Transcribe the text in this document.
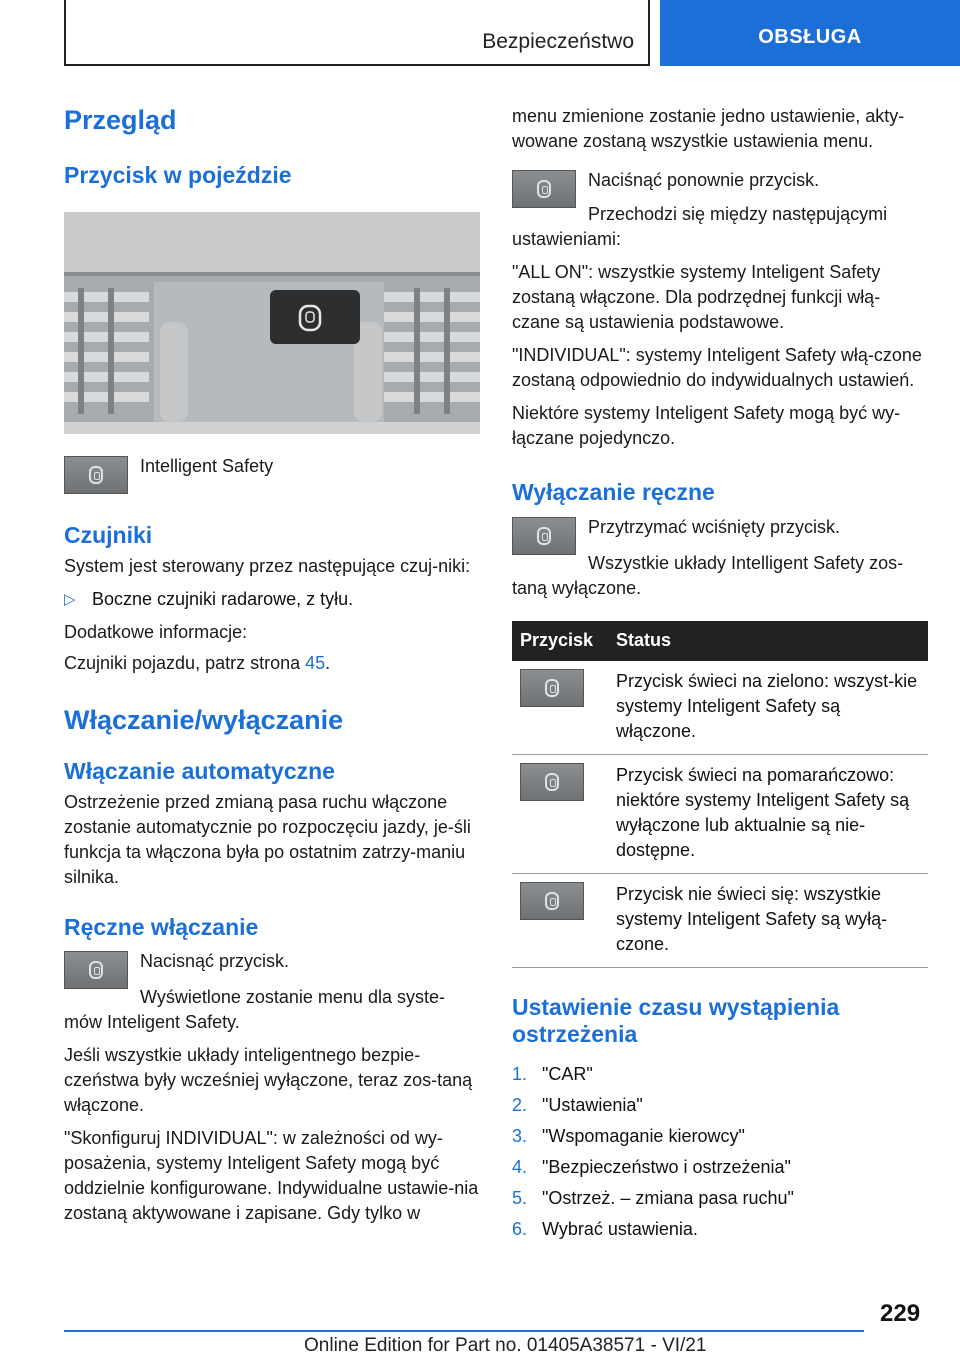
Bezpieczeństwo	OBSŁUGA
Przegląd
Przycisk w pojeździe

Intelligent Safety

Czujniki

System jest sterowany przez następujące czuj-niki:

▷ Boczne czujniki radarowe, z tyłu.

Dodatkowe informacje:

Czujniki pojazdu, patrz strona 45.

Włączanie/wyłączanie
Włączanie automatyczne

Ostrzeżenie przed zmianą pasa ruchu włączone zostanie automatycznie po rozpoczęciu jazdy, je-śli funkcja ta włączona była po ostatnim zatrzy-maniu silnika.

Ręczne włączanie

Nacisnąć przycisk.

Wyświetlone zostanie menu dla syste-mów Inteligent Safety.

Jeśli wszystkie układy inteligentnego bezpie-czeństwa były wcześniej wyłączone, teraz zos-taną włączone.

"Skonfiguruj INDIVIDUAL": w zależności od wy-posażenia, systemy Inteligent Safety mogą być oddzielnie konfigurowane. Indywidualne ustawie-nia zostaną aktywowane i zapisane. Gdy tylko w

menu zmienione zostanie jedno ustawienie, akty-wowane zostaną wszystkie ustawienia menu.

Naciśnąć ponownie przycisk.

Przechodzi się między następującymi ustawieniami:

"ALL ON": wszystkie systemy Inteligent Safety zostaną włączone. Dla podrzędnej funkcji włą-czane są ustawienia podstawowe.

"INDIVIDUAL": systemy Inteligent Safety włą-czone zostaną odpowiednio do indywidualnych ustawień.

Niektóre systemy Inteligent Safety mogą być wy-łączane pojedynczo.

Wyłączanie ręczne

Przytrzymać wciśnięty przycisk.

Wszystkie układy Intelligent Safety zos-taną wyłączone.

Przycisk	Status

	Przycisk świeci na zielono: wszyst-kie systemy Inteligent Safety są włączone.

	Przycisk świeci na pomarańczowo: niektóre systemy Inteligent Safety są wyłączone lub aktualnie są nie-dostępne.

	Przycisk nie świeci się: wszystkie systemy Inteligent Safety są wyłą-czone.
Ustawienie czasu wystąpienia ostrzeżenia
1. "CAR"
2. "Ustawienia"
3. "Wspomaganie kierowcy"
4. "Bezpieczeństwo i ostrzeżenia"
5. "Ostrzeż. – zmiana pasa ruchu"
6. Wybrać ustawienia.
229
Online Edition for Part no. 01405A38571 - VI/21
